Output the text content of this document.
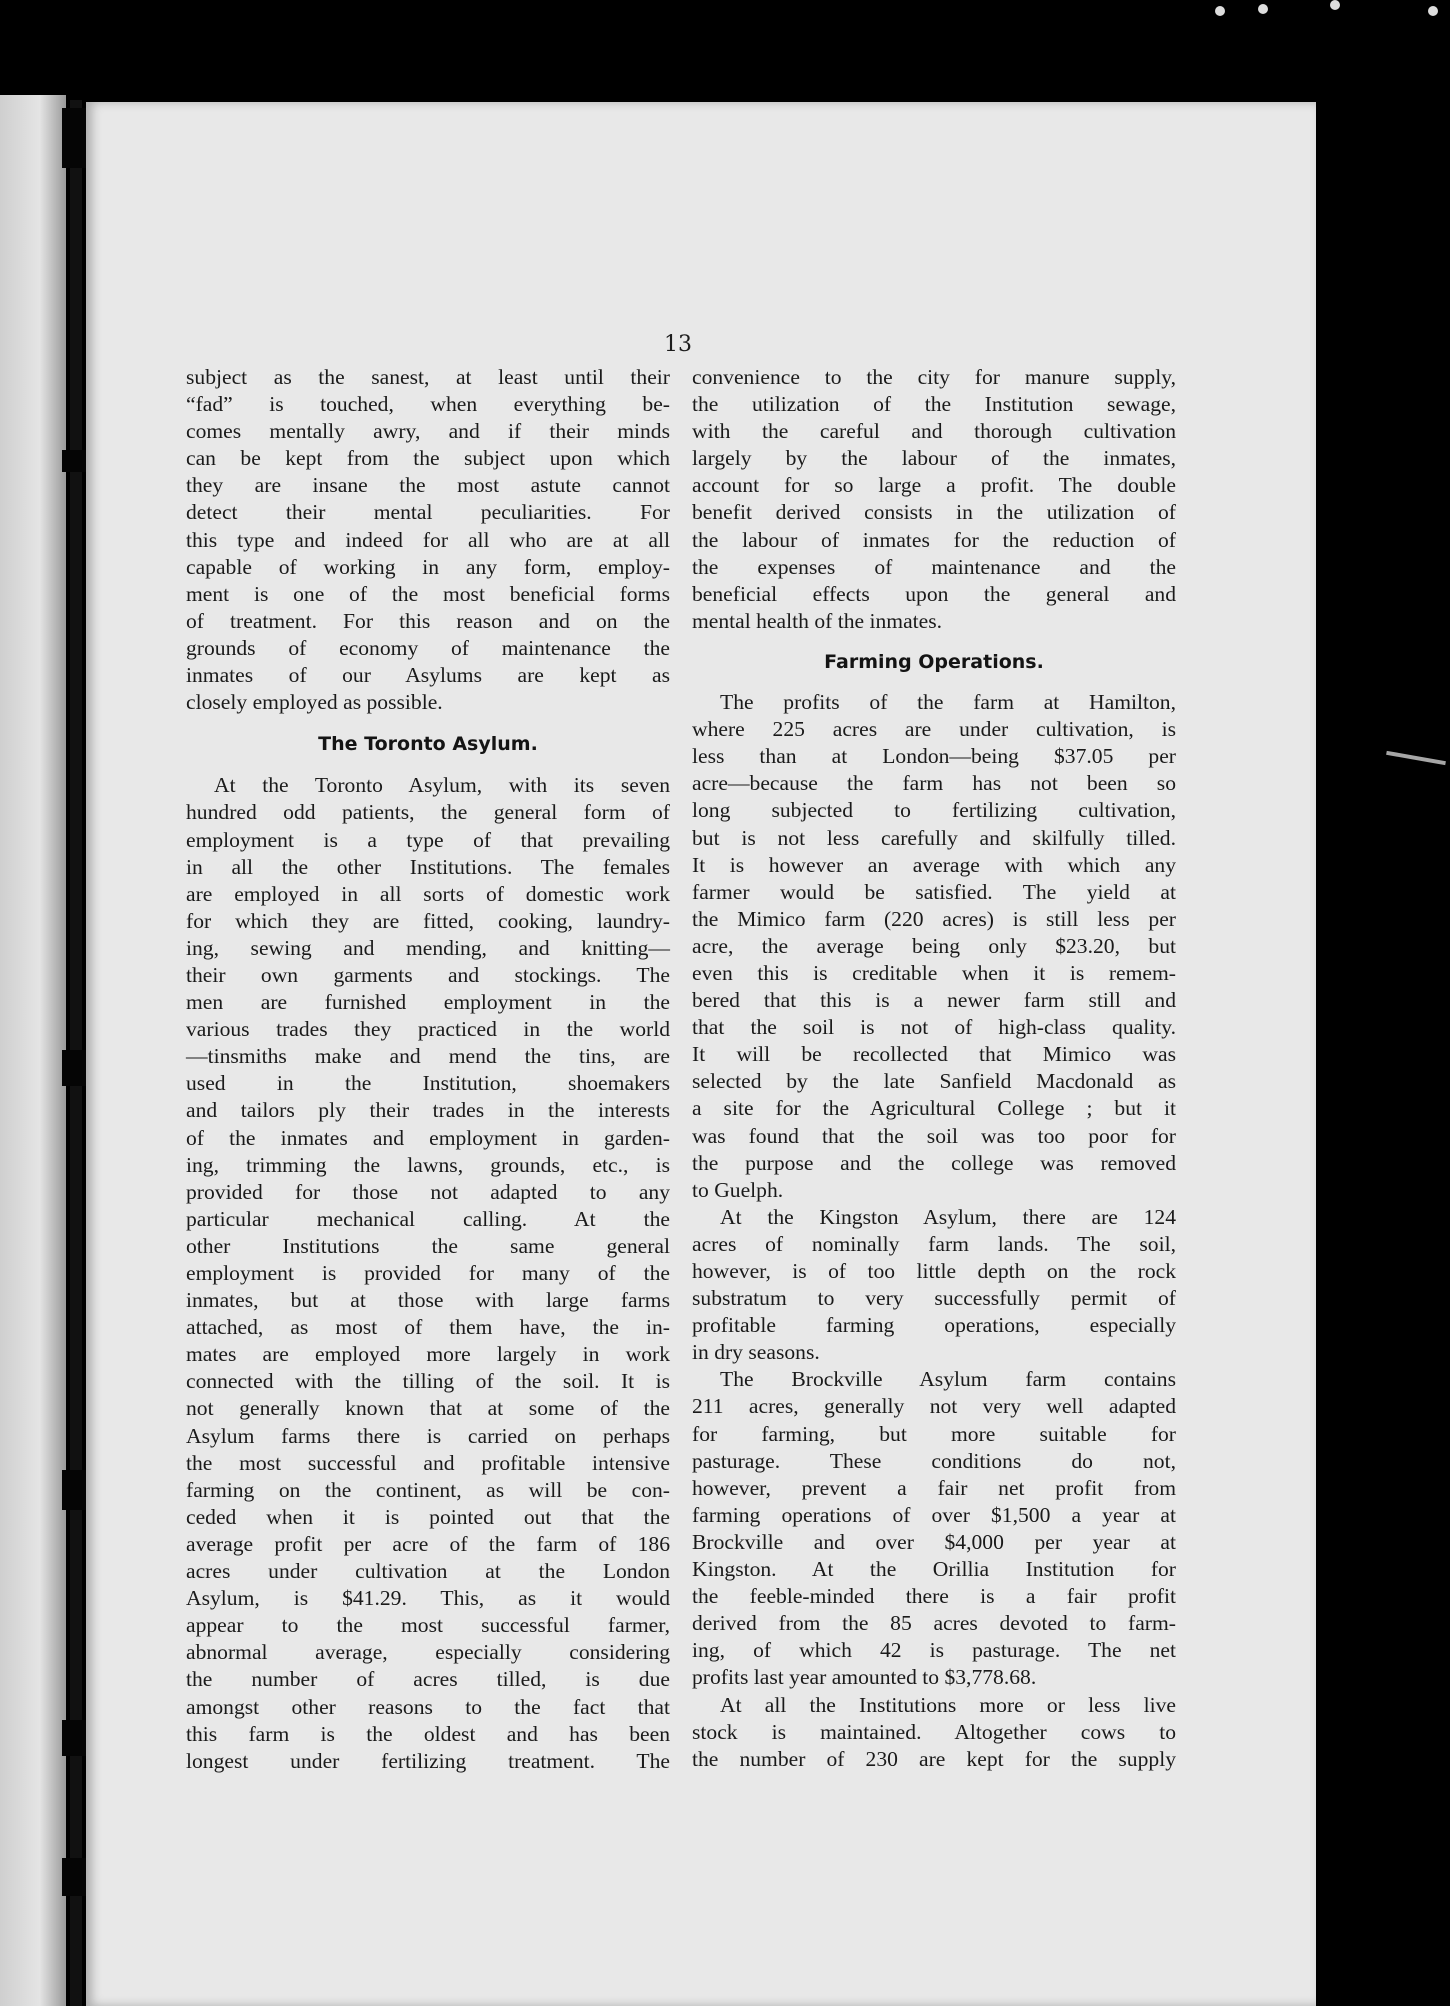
13
subject as the sanest, at least until their
“fad” is touched, when everything be-
comes mentally awry, and if their minds
can be kept from the subject upon which
they are insane the most astute cannot
detect their mental peculiarities. For
this type and indeed for all who are at all
capable of working in any form, employ-
ment is one of the most beneficial forms
of treatment. For this reason and on the
grounds of economy of maintenance the
inmates of our Asylums are kept as
closely employed as possible.
The Toronto Asylum.
At the Toronto Asylum, with its seven
hundred odd patients, the general form of
employment is a type of that prevailing
in all the other Institutions. The females
are employed in all sorts of domestic work
for which they are fitted, cooking, laundry-
ing, sewing and mending, and knitting—
their own garments and stockings. The
men are furnished employment in the
various trades they practiced in the world
—tinsmiths make and mend the tins, are
used in the Institution, shoemakers
and tailors ply their trades in the interests
of the inmates and employment in garden-
ing, trimming the lawns, grounds, etc., is
provided for those not adapted to any
particular mechanical calling. At the
other Institutions the same general
employment is provided for many of the
inmates, but at those with large farms
attached, as most of them have, the in-
mates are employed more largely in work
connected with the tilling of the soil. It is
not generally known that at some of the
Asylum farms there is carried on perhaps
the most successful and profitable intensive
farming on the continent, as will be con-
ceded when it is pointed out that the
average profit per acre of the farm of 186
acres under cultivation at the London
Asylum, is $41.29. This, as it would
appear to the most successful farmer,
abnormal average, especially considering
the number of acres tilled, is due
amongst other reasons to the fact that
this farm is the oldest and has been
longest under fertilizing treatment. The
convenience to the city for manure supply,
the utilization of the Institution sewage,
with the careful and thorough cultivation
largely by the labour of the inmates,
account for so large a profit. The double
benefit derived consists in the utilization of
the labour of inmates for the reduction of
the expenses of maintenance and the
beneficial effects upon the general and
mental health of the inmates.
Farming Operations.
The profits of the farm at Hamilton,
where 225 acres are under cultivation, is
less than at London—being $37.05 per
acre—because the farm has not been so
long subjected to fertilizing cultivation,
but is not less carefully and skilfully tilled.
It is however an average with which any
farmer would be satisfied. The yield at
the Mimico farm (220 acres) is still less per
acre, the average being only $23.20, but
even this is creditable when it is remem-
bered that this is a newer farm still and
that the soil is not of high-class quality.
It will be recollected that Mimico was
selected by the late Sanfield Macdonald as
a site for the Agricultural College ; but it
was found that the soil was too poor for
the purpose and the college was removed
to Guelph.
At the Kingston Asylum, there are 124
acres of nominally farm lands. The soil,
however, is of too little depth on the rock
substratum to very successfully permit of
profitable farming operations, especially
in dry seasons.
The Brockville Asylum farm contains
211 acres, generally not very well adapted
for farming, but more suitable for
pasturage. These conditions do not,
however, prevent a fair net profit from
farming operations of over $1,500 a year at
Brockville and over $4,000 per year at
Kingston. At the Orillia Institution for
the feeble-minded there is a fair profit
derived from the 85 acres devoted to farm-
ing, of which 42 is pasturage. The net
profits last year amounted to $3,778.68.
At all the Institutions more or less live
stock is maintained. Altogether cows to
the number of 230 are kept for the supply
